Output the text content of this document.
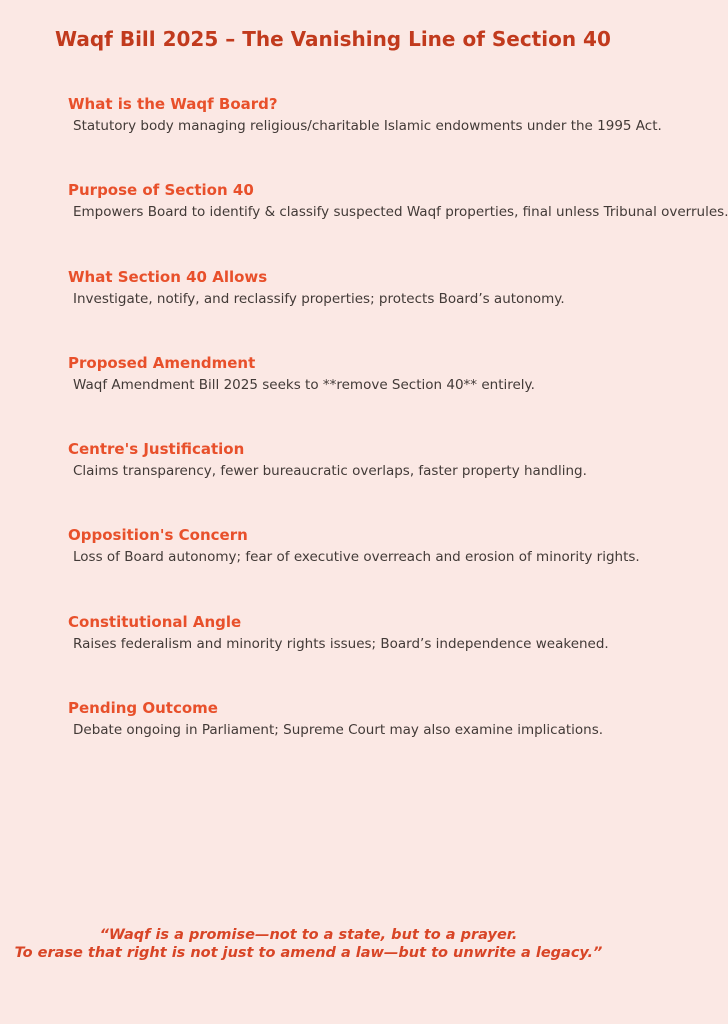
Waqf Bill 2025 – The Vanishing Line of Section 40
What is the Waqf Board?

Statutory body managing religious/charitable Islamic endowments under the 1995 Act.

Purpose of Section 40

Empowers Board to identify & classify suspected Waqf properties, final unless Tribunal overrules.

What Section 40 Allows

Investigate, notify, and reclassify properties; protects Board’s autonomy.

Proposed Amendment

Waqf Amendment Bill 2025 seeks to **remove Section 40** entirely.

Centre's Justification

Claims transparency, fewer bureaucratic overlaps, faster property handling.

Opposition's Concern

Loss of Board autonomy; fear of executive overreach and erosion of minority rights.

Constitutional Angle

Raises federalism and minority rights issues; Board’s independence weakened.

Pending Outcome

Debate ongoing in Parliament; Supreme Court may also examine implications.

“Waqf is a promise—not to a state, but to a prayer.
To erase that right is not just to amend a law—but to unwrite a legacy.”
